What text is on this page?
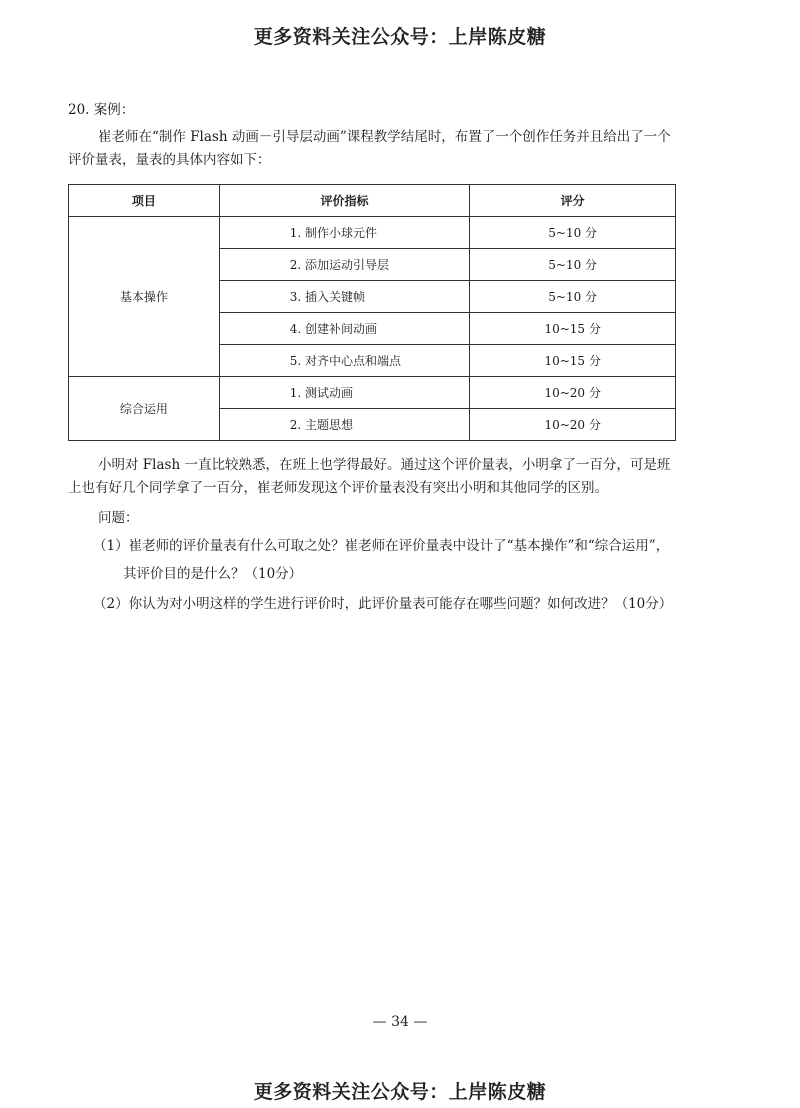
更多资料关注公众号：上岸陈皮糖
20. 案例：

崔老师在“制作 Flash 动画－引导层动画”课程教学结尾时，布置了一个创作任务并且给出了一个评价量表，量表的具体内容如下：

项目	评价指标	评分
基本操作	1. 制作小球元件	5~10 分
	2. 添加运动引导层	5~10 分
	3. 插入关键帧	5~10 分
	4. 创建补间动画	10~15 分
	5. 对齐中心点和端点	10~15 分
综合运用	1. 测试动画	10~20 分
	2. 主题思想	10~20 分

小明对 Flash 一直比较熟悉，在班上也学得最好。通过这个评价量表，小明拿了一百分，可是班上也有好几个同学拿了一百分，崔老师发现这个评价量表没有突出小明和其他同学的区别。

问题：
（1）崔老师的评价量表有什么可取之处？崔老师在评价量表中设计了“基本操作”和“综合运用”，其评价目的是什么？（10分）
（2）你认为对小明这样的学生进行评价时，此评价量表可能存在哪些问题？如何改进？（10分）
— 34 —
更多资料关注公众号：上岸陈皮糖
